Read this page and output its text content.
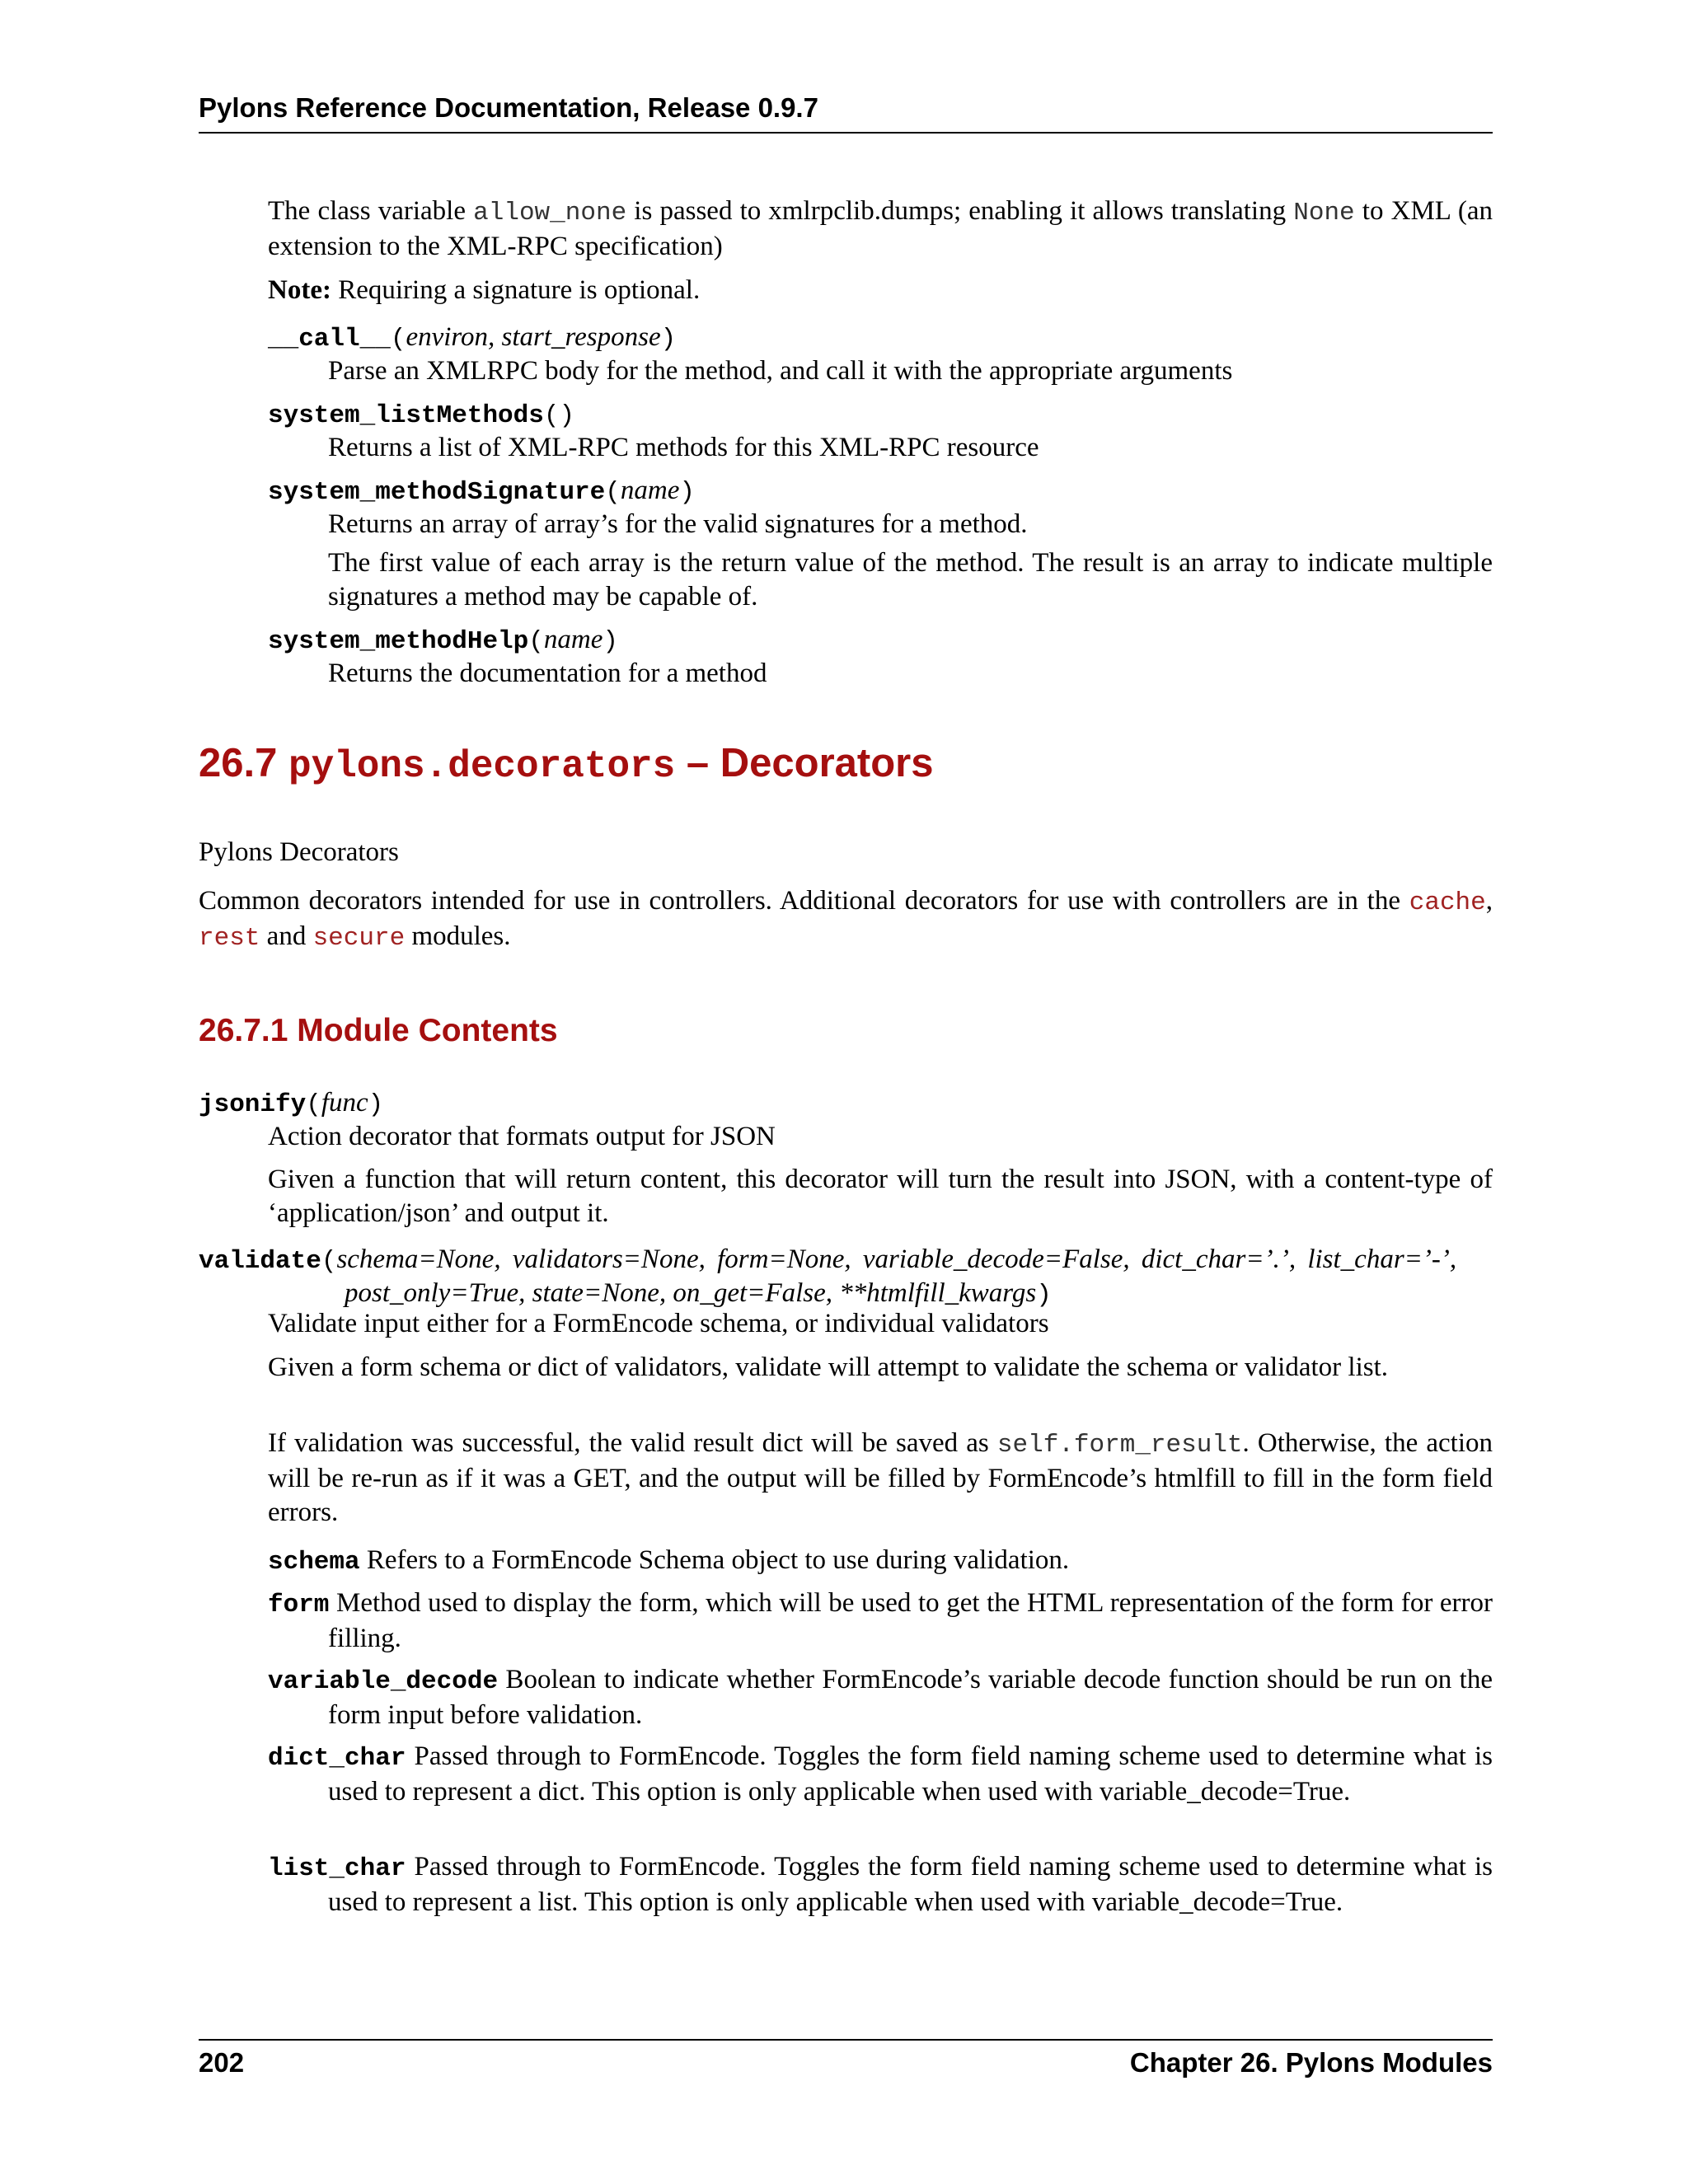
Pylons Reference Documentation, Release 0.9.7
The class variable allow_none is passed to xmlrpclib.dumps; enabling it allows translating None to XML (an extension to the XML-RPC specification)
Note: Requiring a signature is optional.
__call__(environ, start_response)
Parse an XMLRPC body for the method, and call it with the appropriate arguments
system_listMethods()
Returns a list of XML-RPC methods for this XML-RPC resource
system_methodSignature(name)
Returns an array of array’s for the valid signatures for a method.
The first value of each array is the return value of the method. The result is an array to indicate multiple signatures a method may be capable of.
system_methodHelp(name)
Returns the documentation for a method
26.7 pylons.decorators – Decorators
Pylons Decorators
Common decorators intended for use in controllers. Additional decorators for use with controllers are in the cache, rest and secure modules.
26.7.1 Module Contents
jsonify(func)
Action decorator that formats output for JSON
Given a function that will return content, this decorator will turn the result into JSON, with a content-type of ‘application/json’ and output it.
validate(schema=None, validators=None, form=None, variable_decode=False, dict_char=’.’, list_char=’-’,
post_only=True, state=None, on_get=False, **htmlfill_kwargs)
Validate input either for a FormEncode schema, or individual validators
Given a form schema or dict of validators, validate will attempt to validate the schema or validator list.
If validation was successful, the valid result dict will be saved as self.form_result. Otherwise, the action will be re-run as if it was a GET, and the output will be filled by FormEncode’s htmlfill to fill in the form field errors.
schema Refers to a FormEncode Schema object to use during validation.
form Method used to display the form, which will be used to get the HTML representation of the form for error filling.
variable_decode Boolean to indicate whether FormEncode’s variable decode function should be run on the form input before validation.
dict_char Passed through to FormEncode. Toggles the form field naming scheme used to determine what is used to represent a dict. This option is only applicable when used with variable_decode=True.
list_char Passed through to FormEncode. Toggles the form field naming scheme used to determine what is used to represent a list. This option is only applicable when used with variable_decode=True.
202	Chapter 26. Pylons Modules
